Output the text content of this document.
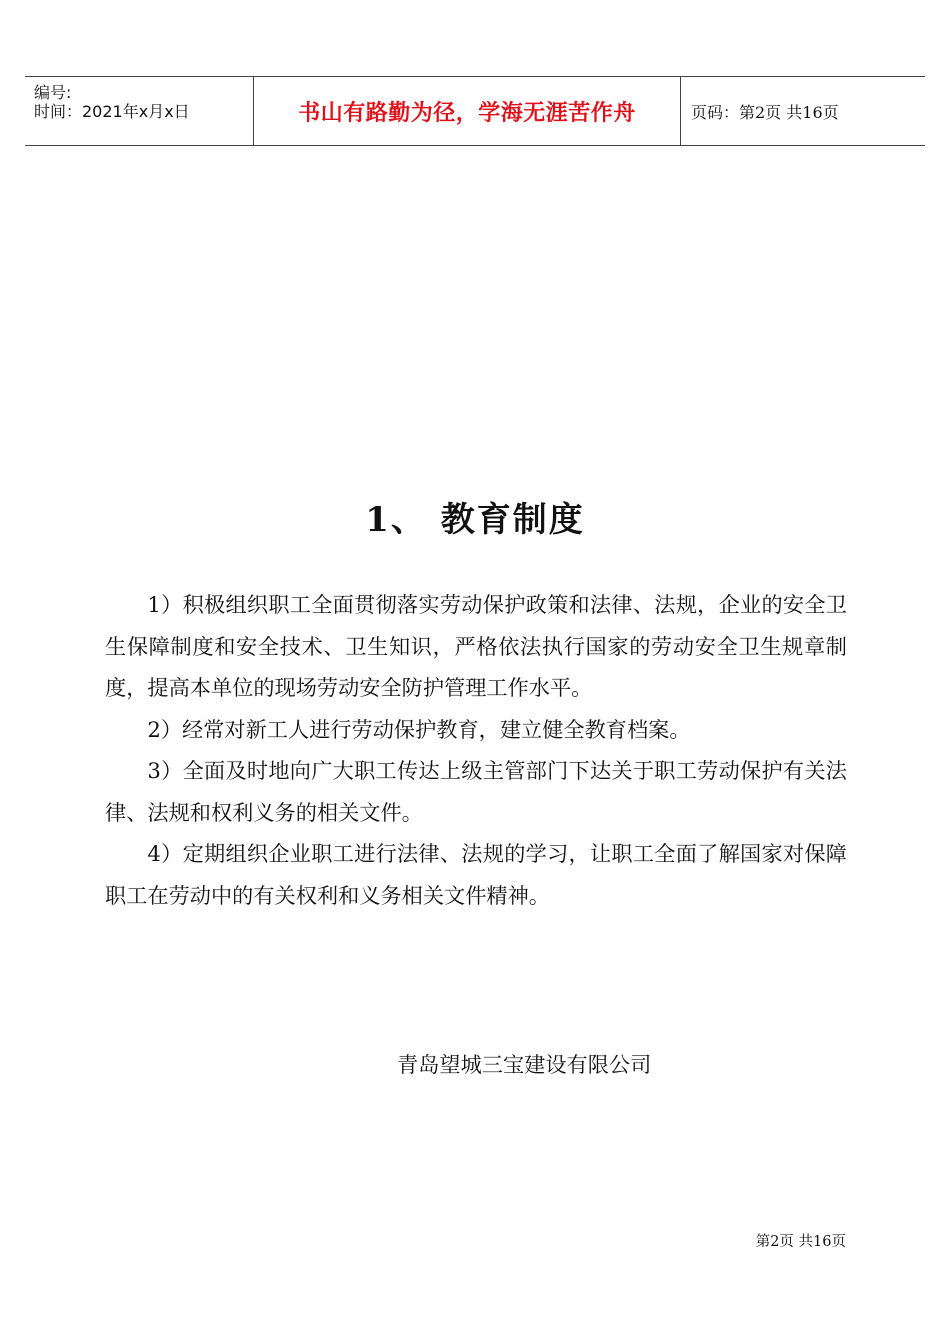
编号:
时间：2021年x月x日	书山有路勤为径，学海无涯苦作舟	页码：第2页 共16页
1、 教育制度

1）积极组织职工全面贯彻落实劳动保护政策和法律、法规，企业的安全卫生保障制度和安全技术、卫生知识，严格依法执行国家的劳动安全卫生规章制度，提高本单位的现场劳动安全防护管理工作水平。

2）经常对新工人进行劳动保护教育，建立健全教育档案。

3）全面及时地向广大职工传达上级主管部门下达关于职工劳动保护有关法律、法规和权利义务的相关文件。

4）定期组织企业职工进行法律、法规的学习，让职工全面了解国家对保障职工在劳动中的有关权利和义务相关文件精神。

青岛望城三宝建设有限公司
第2页 共16页
